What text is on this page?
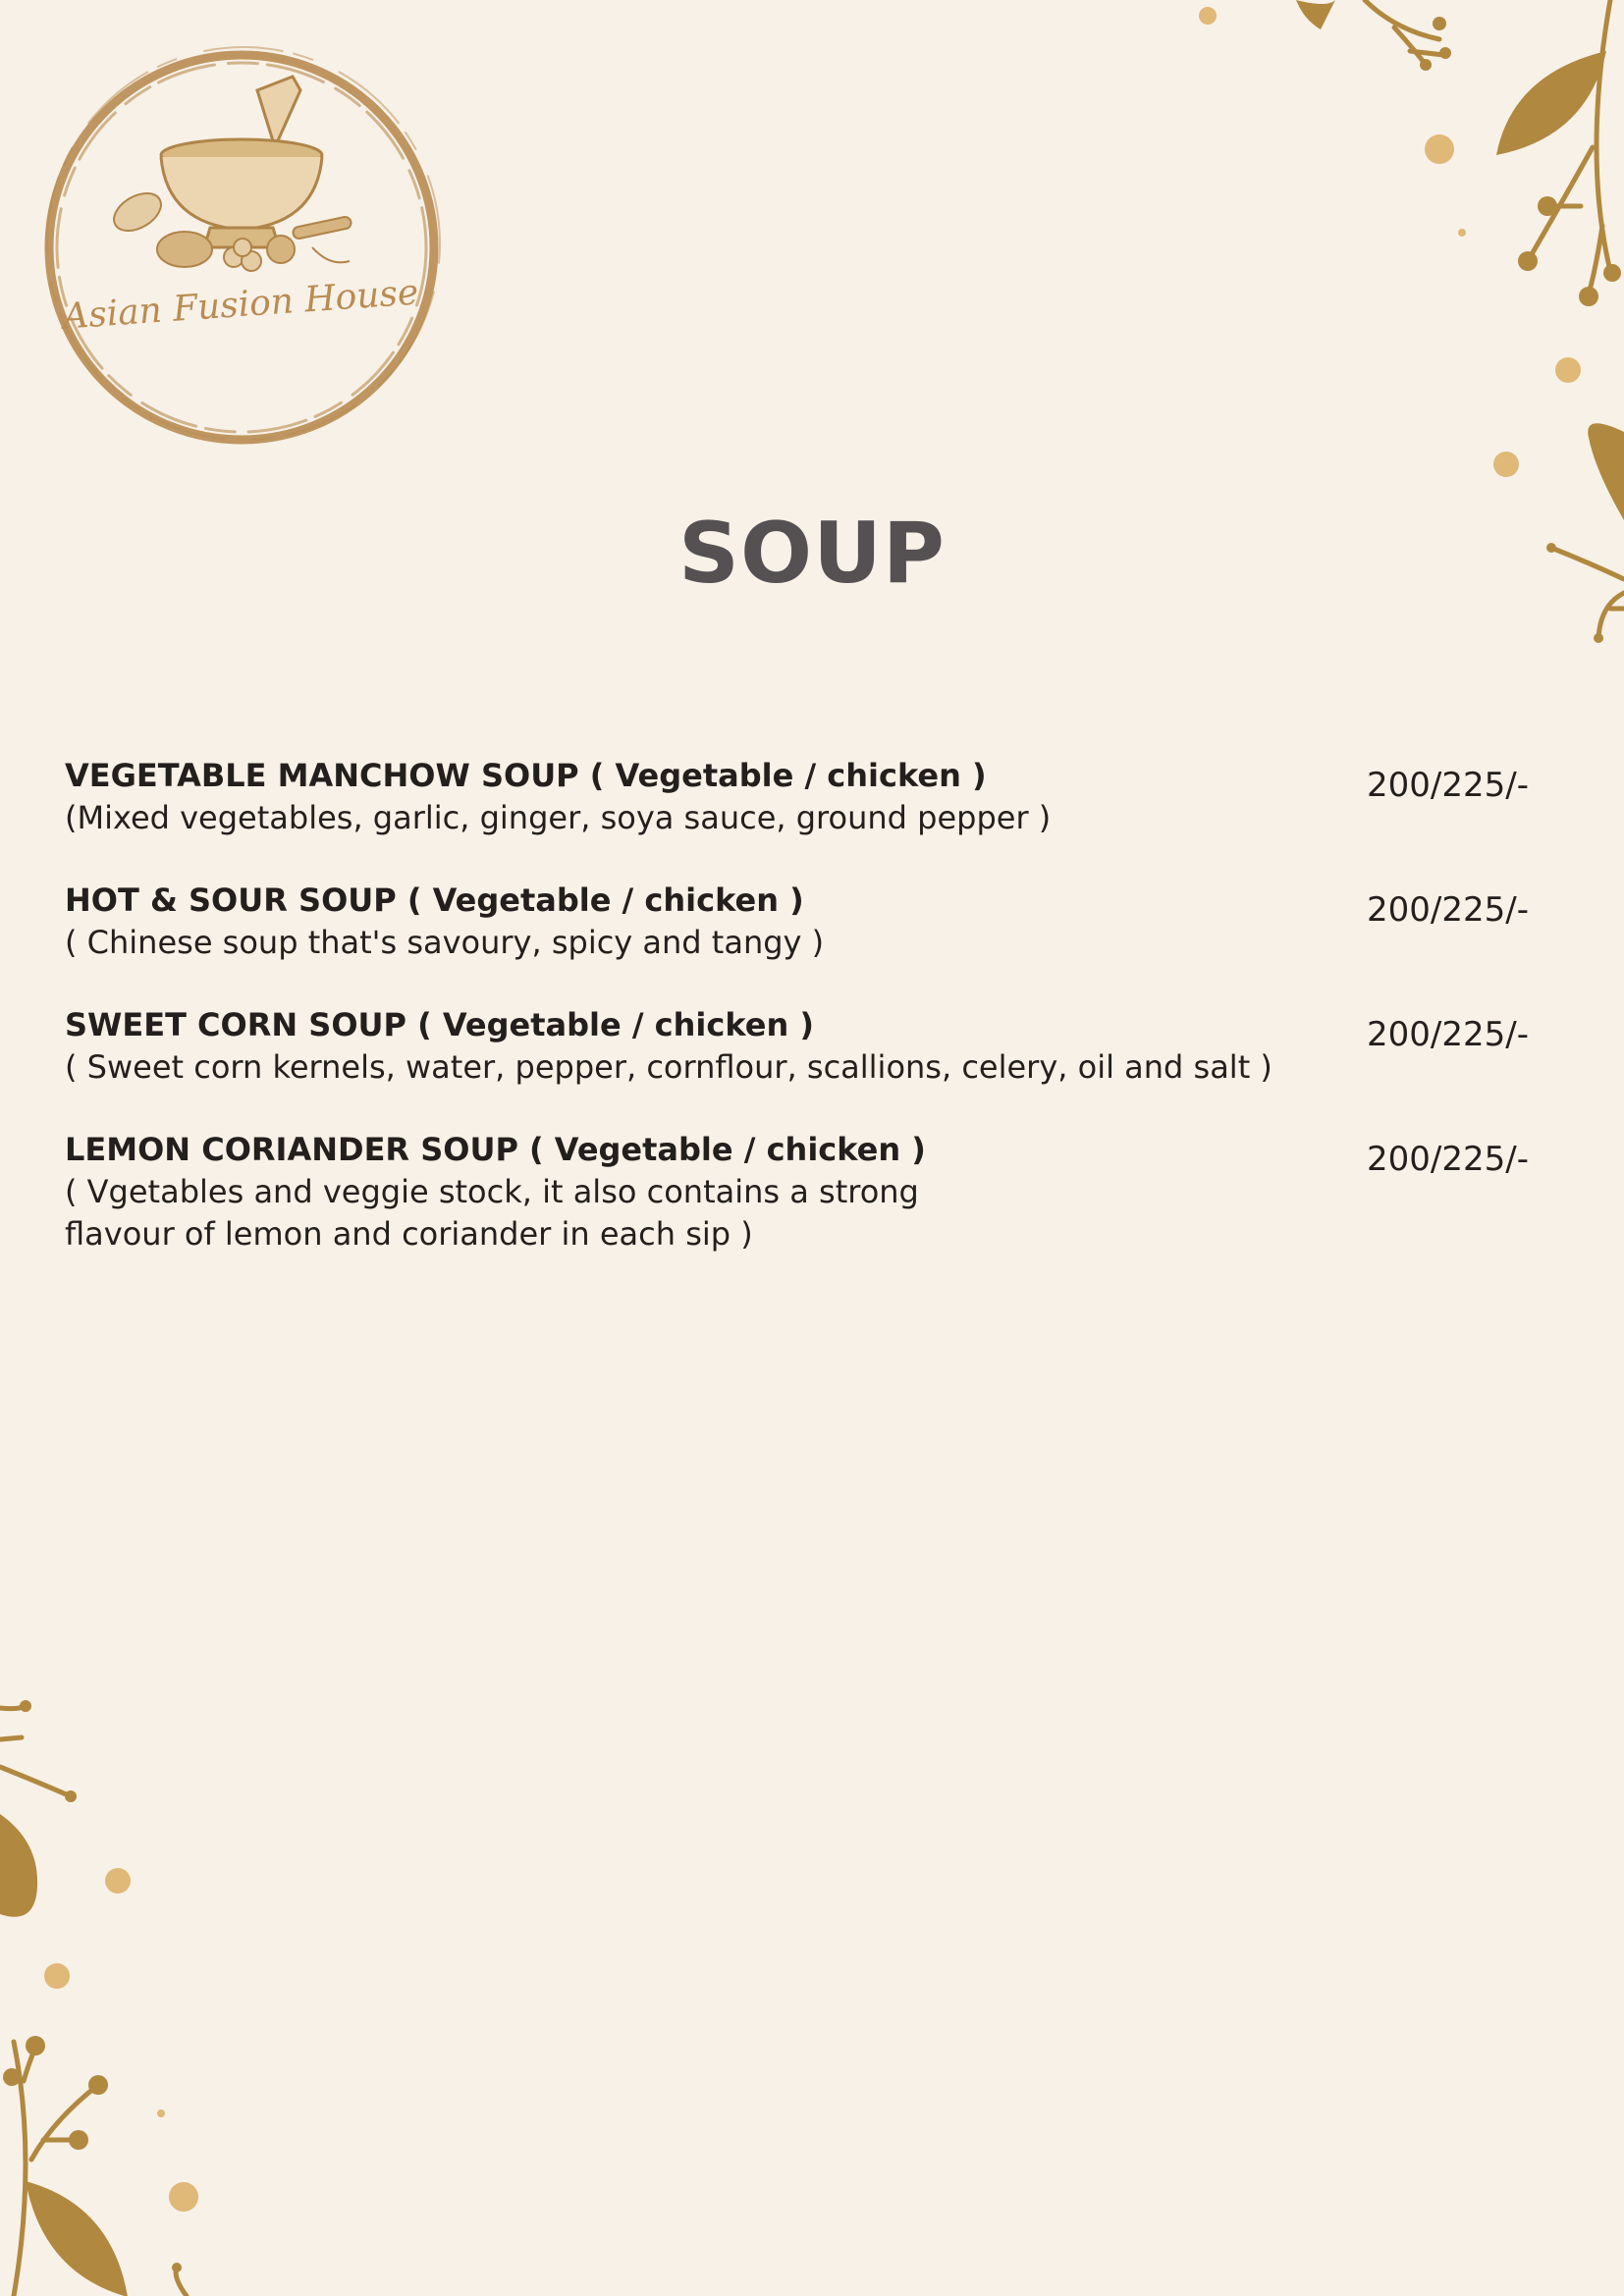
Asian Fusion House
SOUP
VEGETABLE MANCHOW SOUP ( Vegetable / chicken )
(Mixed vegetables, garlic, ginger, soya sauce, ground pepper )
200/225/-
HOT & SOUR SOUP ( Vegetable / chicken )
( Chinese soup that's savoury, spicy and tangy )
200/225/-
SWEET CORN SOUP ( Vegetable / chicken )
( Sweet corn kernels, water, pepper, cornflour, scallions, celery, oil and salt )
200/225/-
LEMON CORIANDER SOUP ( Vegetable / chicken )
( Vgetables and veggie stock, it also contains a strong
flavour of lemon and coriander in each sip )
200/225/-
